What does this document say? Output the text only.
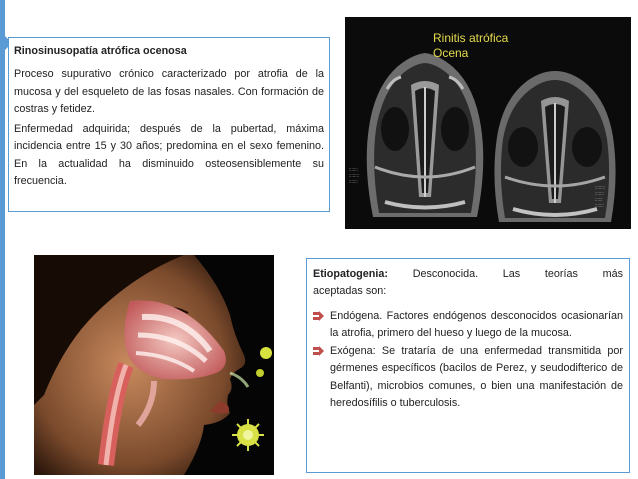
Rinosinusopatía atrófica ocenosa

Proceso supurativo crónico caracterizado por atrofia de la mucosa y del esqueleto de las fosas nasales. Con formación de costras y fetidez.

Enfermedad adquirida; después de la pubertad, máxima incidencia entre 15 y 30 años; predomina en el sexo femenino. En la actualidad ha disminuido osteosensiblemente su frecuencia.

Rinitis atrófica
Ocena
:::::::
::::::::
:::::::
::::::::
:::::::
::::::
:::::::

Etiopatogenia: Desconocida. Las teorías más

aceptadas son:

Endógena. Factores endógenos desconocidos ocasionarían la atrofia, primero del hueso y luego de la mucosa.
Exógena: Se trataría de una enfermedad transmitida por gérmenes específicos (bacilos de Perez, y seudodifterico de Belfanti), microbios comunes, o bien una manifestación de heredosífilis o tuberculosis.
